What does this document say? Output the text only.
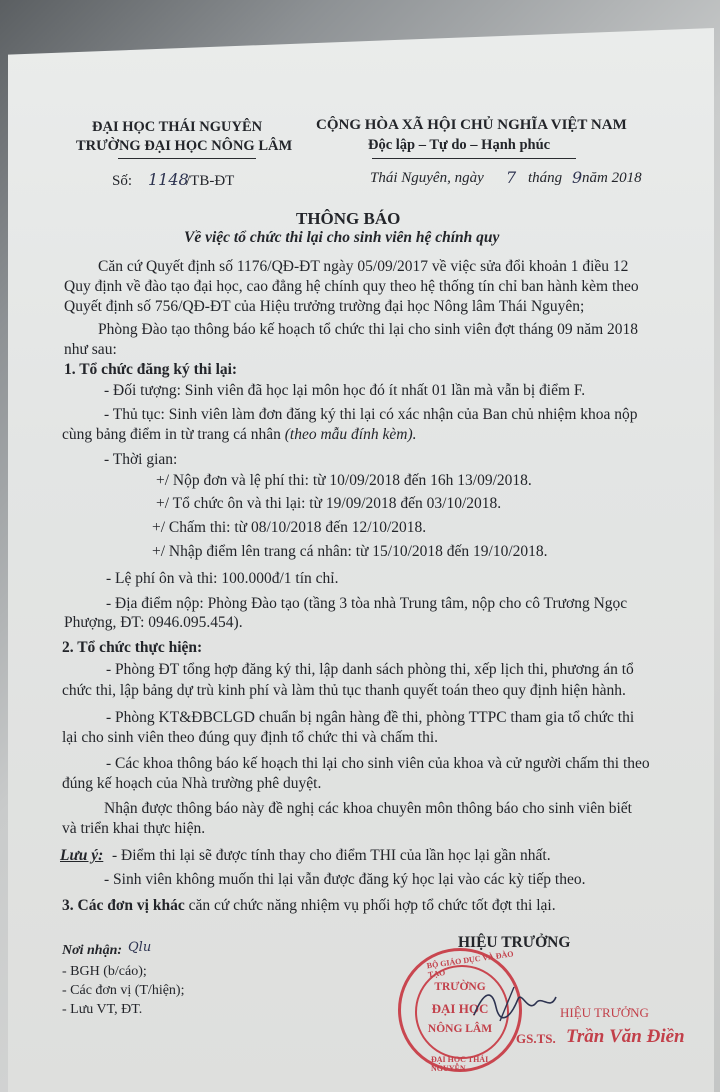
ĐẠI HỌC THÁI NGUYÊN
TRƯỜNG ĐẠI HỌC NÔNG LÂM
Số: 1148
/TB-ĐT
CỘNG HÒA XÃ HỘI CHỦ NGHĨA VIỆT NAM
Độc lập – Tự do – Hạnh phúc
Thái Nguyên, ngày 7 tháng 9 năm 2018
THÔNG BÁO
Về việc tổ chức thi lại cho sinh viên hệ chính quy
Căn cứ Quyết định số 1176/QĐ-ĐT ngày 05/09/2017 về việc sửa đổi khoản 1 điều 12
Quy định về đào tạo đại học, cao đẳng hệ chính quy theo hệ thống tín chỉ ban hành kèm theo
Quyết định số 756/QĐ-ĐT của Hiệu trưởng trường đại học Nông lâm Thái Nguyên;
Phòng Đào tạo thông báo kế hoạch tổ chức thi lại cho sinh viên đợt tháng 09 năm 2018
như sau:
1. Tổ chức đăng ký thi lại:
- Đối tượng: Sinh viên đã học lại môn học đó ít nhất 01 lần mà vẫn bị điểm F.
- Thủ tục: Sinh viên làm đơn đăng ký thi lại có xác nhận của Ban chủ nhiệm khoa nộp
cùng bảng điểm in từ trang cá nhân (theo mẫu đính kèm).
- Thời gian:
+/ Nộp đơn và lệ phí thi: từ 10/09/2018 đến 16h 13/09/2018.
+/ Tổ chức ôn và thi lại: từ 19/09/2018 đến 03/10/2018.
+/ Chấm thi: từ 08/10/2018 đến 12/10/2018.
+/ Nhập điểm lên trang cá nhân: từ 15/10/2018 đến 19/10/2018.
- Lệ phí ôn và thi: 100.000đ/1 tín chỉ.
- Địa điểm nộp: Phòng Đào tạo (tầng 3 tòa nhà Trung tâm, nộp cho cô Trương Ngọc
Phượng, ĐT: 0946.095.454).
2. Tổ chức thực hiện:
- Phòng ĐT tổng hợp đăng ký thi, lập danh sách phòng thi, xếp lịch thi, phương án tổ
chức thi, lập bảng dự trù kinh phí và làm thủ tục thanh quyết toán theo quy định hiện hành.
- Phòng KT&ĐBCLGD chuẩn bị ngân hàng đề thi, phòng TTPC tham gia tổ chức thi
lại cho sinh viên theo đúng quy định tổ chức thi và chấm thi.
- Các khoa thông báo kế hoạch thi lại cho sinh viên của khoa và cử người chấm thi theo
đúng kế hoạch của Nhà trường phê duyệt.
Nhận được thông báo này đề nghị các khoa chuyên môn thông báo cho sinh viên biết
và triển khai thực hiện.
Lưu ý: - Điểm thi lại sẽ được tính thay cho điểm THI của lần học lại gần nhất.
- Sinh viên không muốn thi lại vẫn được đăng ký học lại vào các kỳ tiếp theo.
3. Các đơn vị khác căn cứ chức năng nhiệm vụ phối hợp tổ chức tốt đợt thi lại.
Nơi nhận: Qlu
- BGH (b/cáo);
- Các đơn vị (T/hiện);
- Lưu VT, ĐT.
HIỆU TRƯỞNG
BỘ GIÁO DỤC VÀ ĐÀO TẠO
ĐẠI HỌC THÁI NGUYÊN
TRƯỜNG
ĐẠI HỌC
NÔNG LÂM
HIỆU TRƯỞNG
GS.TS. Trần Văn Điền
